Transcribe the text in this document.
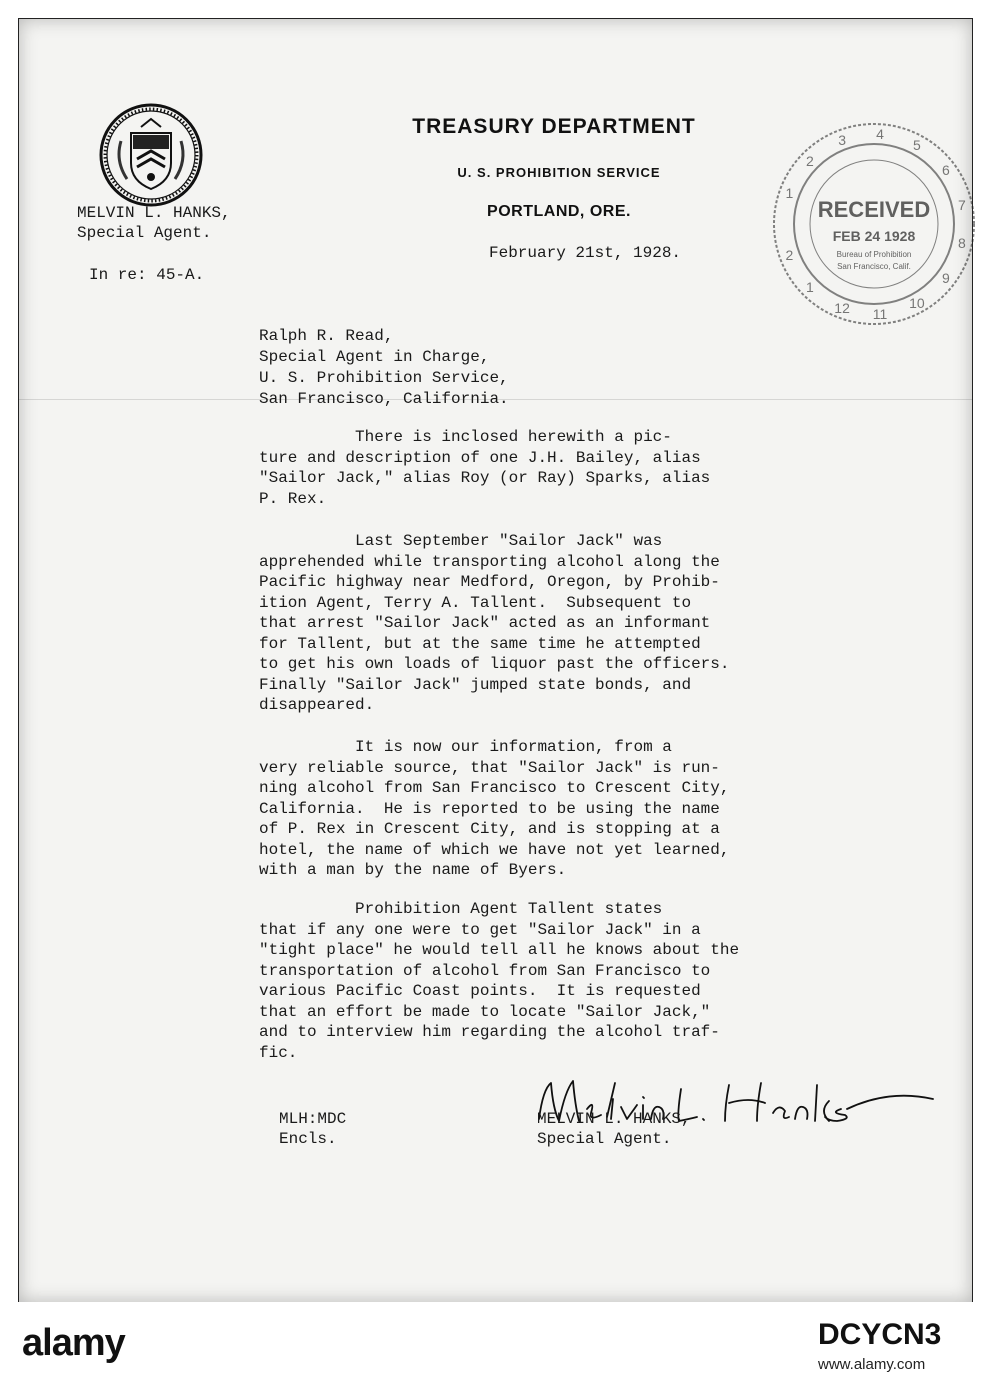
TREASURY DEPARTMENT
U. S. PROHIBITION SERVICE
PORTLAND, ORE.
MELVIN L. HANKS,
Special Agent.
In re: 45-A.
February 21st, 1928.
1
2
3 4
5
6
7
8
9
10
11
12
1
2
RECEIVED
FEB 24 1928
Bureau of Prohibition
San Francisco, Calif.
Ralph R. Read,
Special Agent in Charge,
U. S. Prohibition Service,
San Francisco, California.
There is inclosed herewith a pic-
ture and description of one J.H. Bailey, alias
"Sailor Jack," alias Roy (or Ray) Sparks, alias
P. Rex.
Last September "Sailor Jack" was
apprehended while transporting alcohol along the
Pacific highway near Medford, Oregon, by Prohib-
ition Agent, Terry A. Tallent.  Subsequent to
that arrest "Sailor Jack" acted as an informant
for Tallent, but at the same time he attempted
to get his own loads of liquor past the officers.
Finally "Sailor Jack" jumped state bonds, and
disappeared.
It is now our information, from a
very reliable source, that "Sailor Jack" is run-
ning alcohol from San Francisco to Crescent City,
California.  He is reported to be using the name
of P. Rex in Crescent City, and is stopping at a
hotel, the name of which we have not yet learned,
with a man by the name of Byers.
Prohibition Agent Tallent states
that if any one were to get "Sailor Jack" in a
"tight place" he would tell all he knows about the
transportation of alcohol from San Francisco to
various Pacific Coast points.  It is requested
that an effort be made to locate "Sailor Jack,"
and to interview him regarding the alcohol traf-
fic.
MELVIN L. HANKS,
Special Agent.
MLH:MDC
Encls.
alamy	DCYCN3
www.alamy.com
